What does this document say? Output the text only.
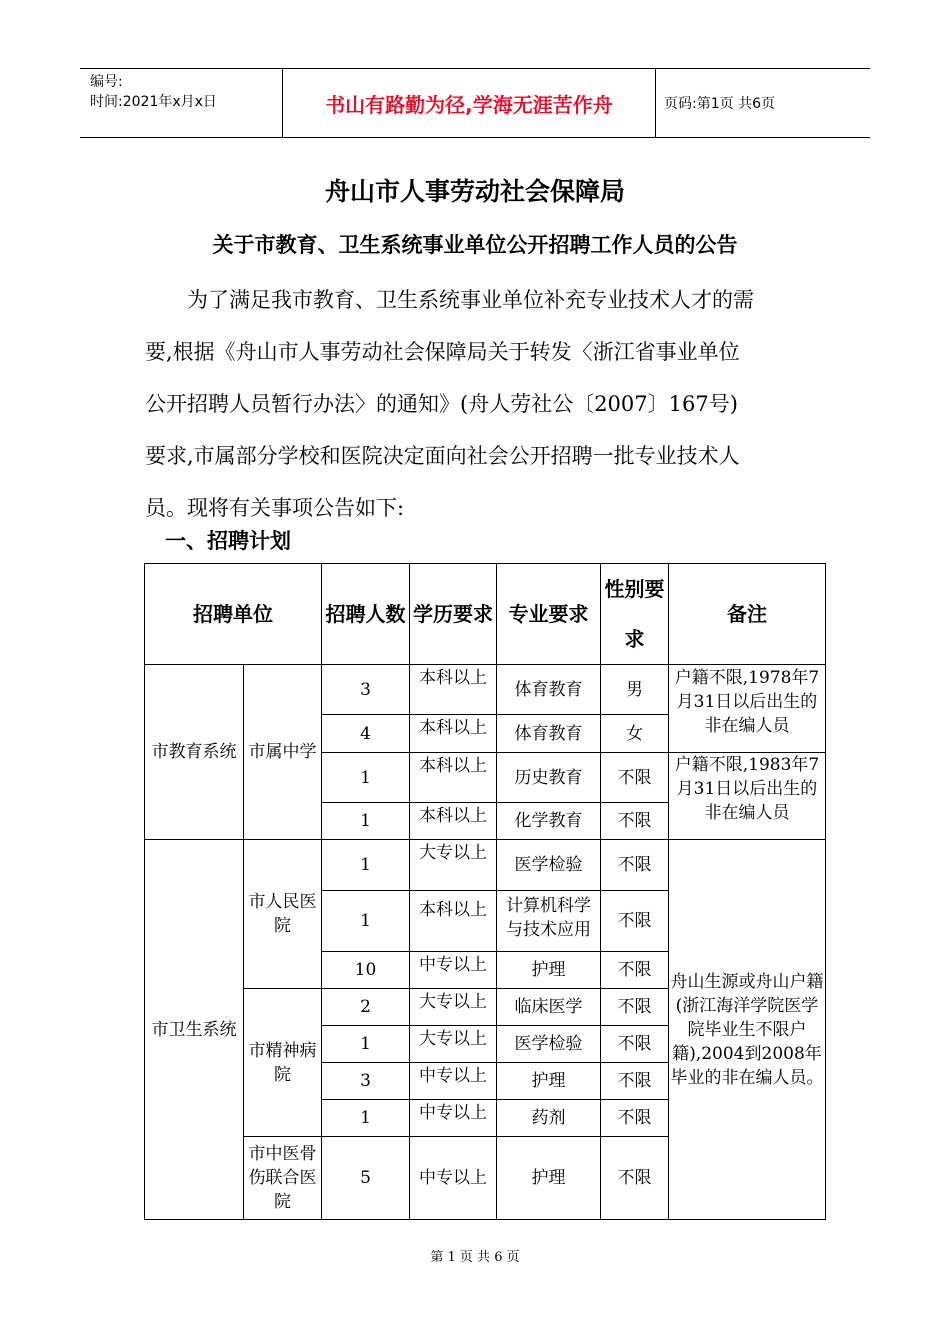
编号:
时间:2021年x月x日	书山有路勤为径,学海无涯苦作舟	页码:第1页 共6页
舟山市人事劳动社会保障局
关于市教育、卫生系统事业单位公开招聘工作人员的公告
为了满足我市教育、卫生系统事业单位补充专业技术人才的需
要,根据《舟山市人事劳动社会保障局关于转发〈浙江省事业单位
公开招聘人员暂行办法〉的通知》(舟人劳社公〔2007〕167号)
要求,市属部分学校和医院决定面向社会公开招聘一批专业技术人
员。现将有关事项公告如下:
一、招聘计划
招聘单位		招聘人数	学历要求	专业要求	性别要求	备注
市教育系统	市属中学	3	本科以上	体育教育	男	户籍不限,1978年7月31日以后出生的非在编人员

		4	本科以上	体育教育	女	
		1	本科以上	历史教育	不限	户籍不限,1983年7月31日以后出生的非在编人员

		1	本科以上	化学教育	不限	
市卫生系统	市人民医院	1	大专以上	医学检验	不限	舟山生源或舟山户籍(浙江海洋学院医学院毕业生不限户籍),2004到2008年毕业的非在编人员。
		1	本科以上	计算机科学与技术应用	不限	
		10	中专以上	护理	不限	
	市精神病院	2	大专以上	临床医学	不限	
		1	大专以上	医学检验	不限	
		3	中专以上	护理	不限	
		1	中专以上	药剂	不限	
	市中医骨伤联合医院	5	中专以上	护理	不限	
第 1 页 共 6 页
